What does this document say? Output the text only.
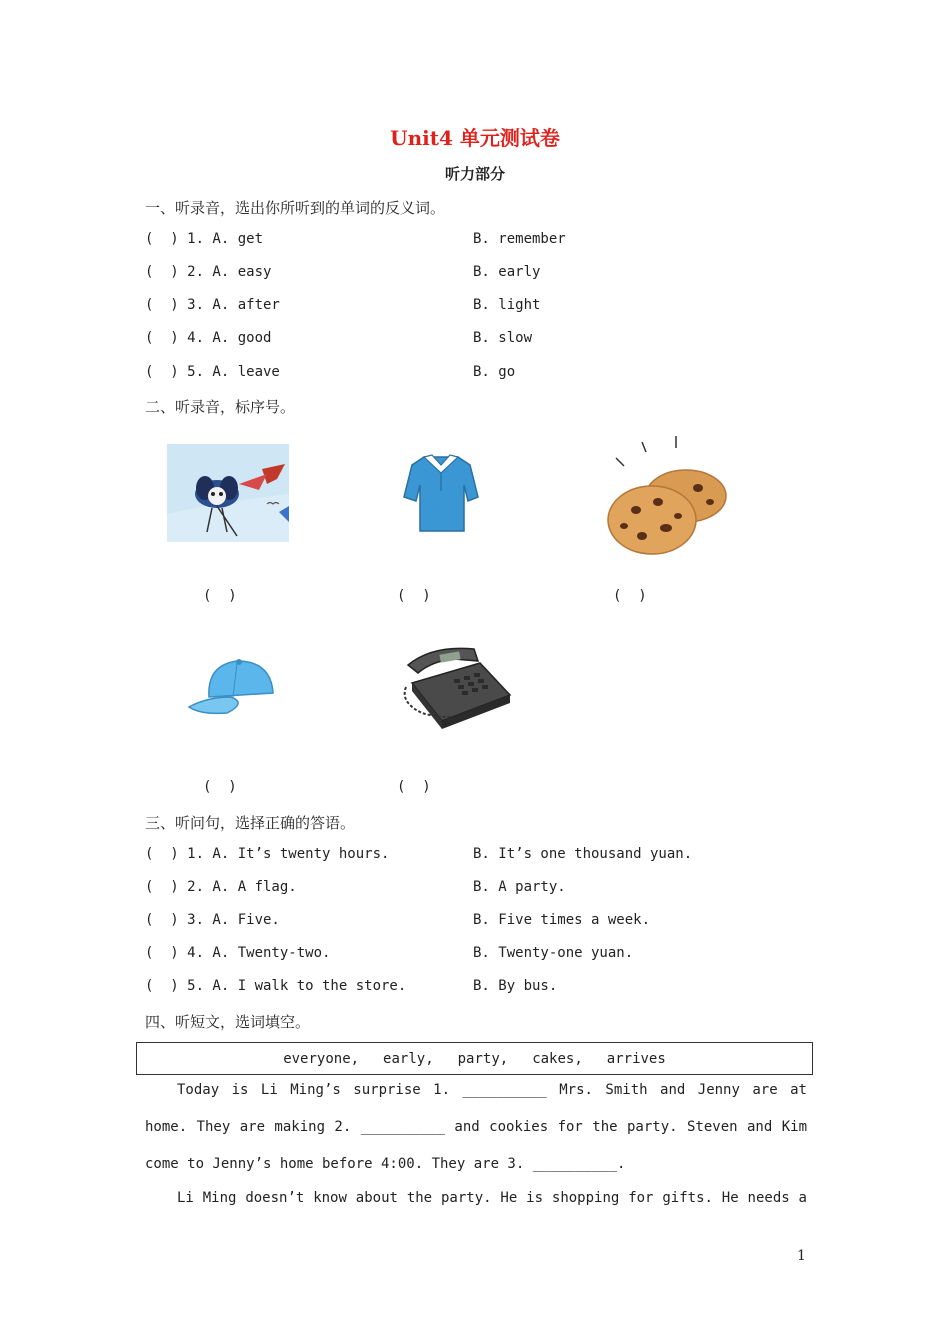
Unit4 单元测试卷
听力部分
一、听录音，选出你所听到的单词的反义词。
(  ) 1. A. get	B. remember
(  ) 2. A. easy	B. early
(  ) 3. A. after	B. light
(  ) 4. A. good	B. slow
(  ) 5. A. leave	B. go
二、听录音，标序号。
(  )	(  )	(  )
(  )	(  )
三、听问句，选择正确的答语。
(  ) 1. A. It’s twenty hours.	B. It’s one thousand yuan.
(  ) 2. A. A flag.	B. A party.
(  ) 3. A. Five.	B. Five times a week.
(  ) 4. A. Twenty-two.	B. Twenty-one yuan.
(  ) 5. A. I walk to the store.	B. By bus.
四、听短文，选词填空。
everyone, early, party, cakes, arrives
Today is Li Ming’s surprise 1. __________ Mrs. Smith and Jenny are at
home. They are making 2. __________ and cookies for the party. Steven and Kim
come to Jenny’s home before 4:00. They are 3. __________.
Li Ming doesn’t know about the party. He is shopping for gifts. He needs a
1
